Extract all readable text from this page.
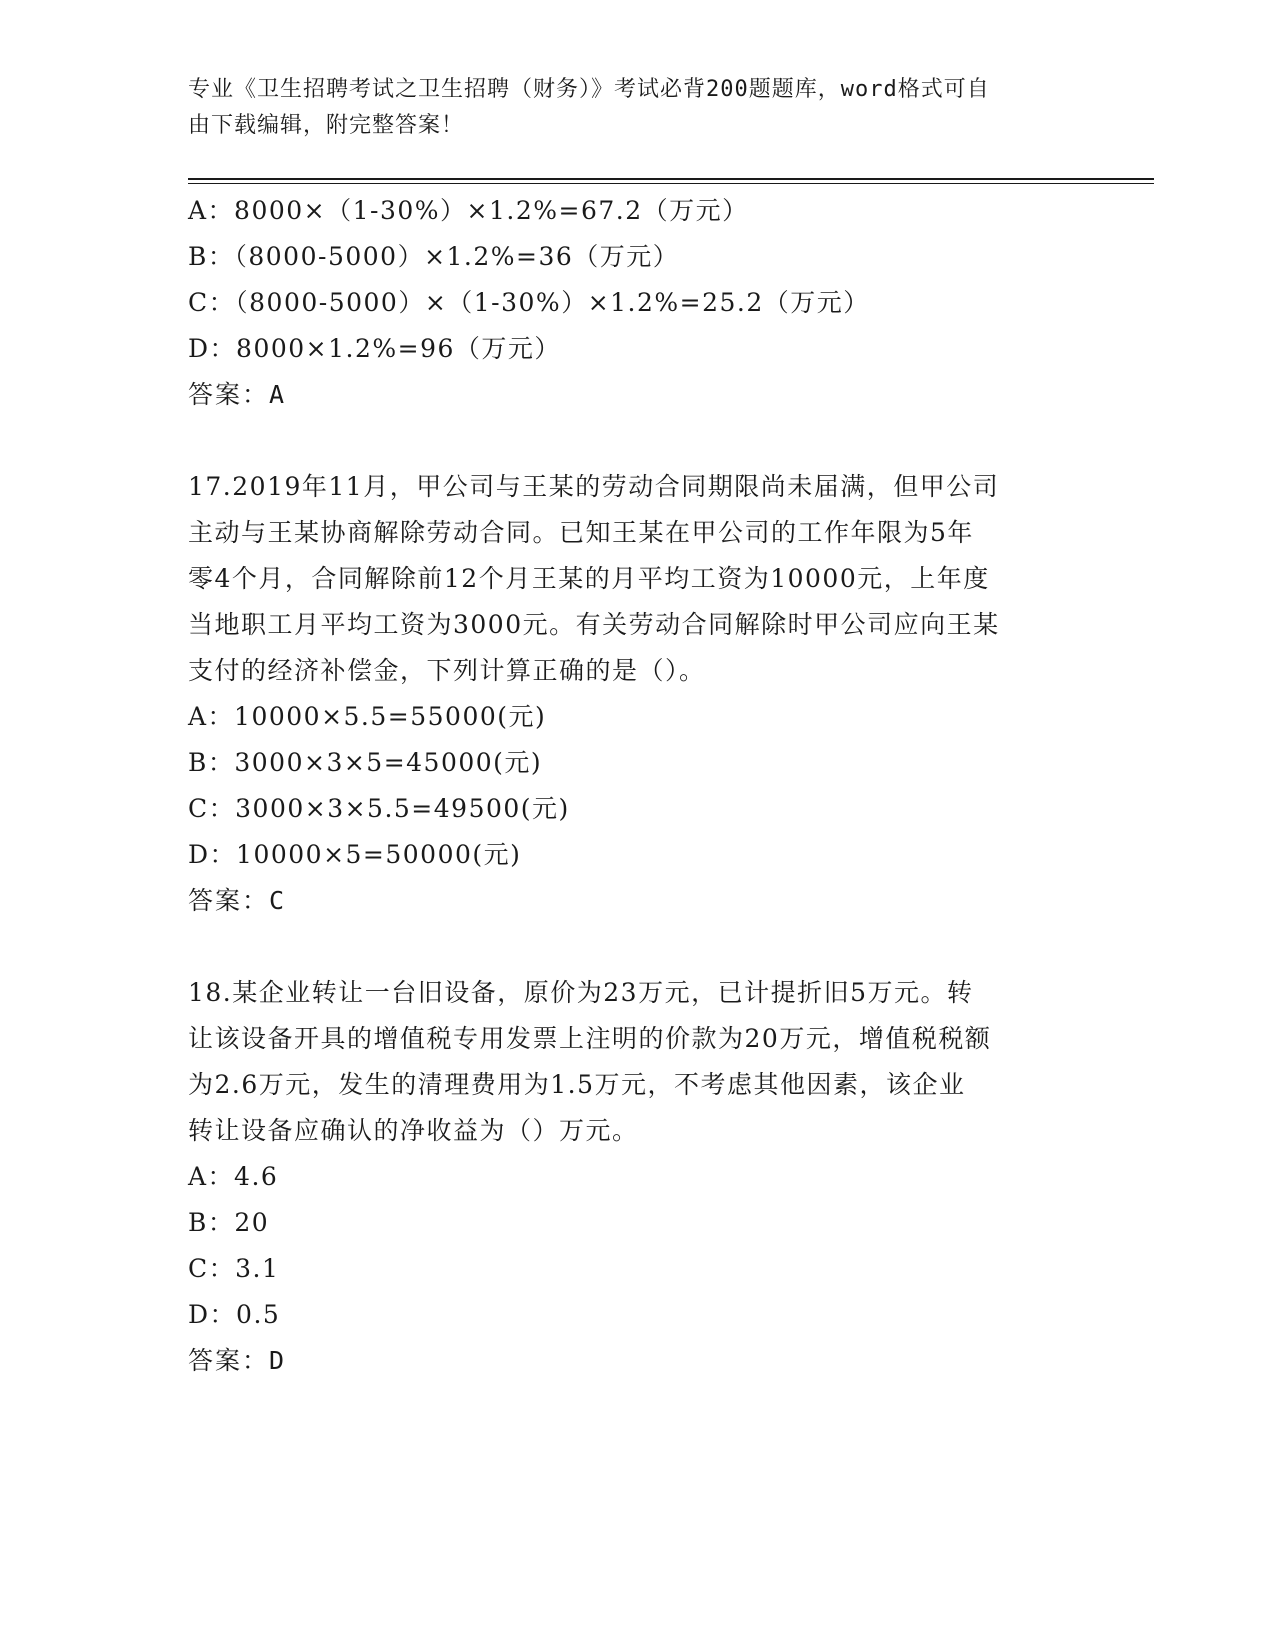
专业《卫生招聘考试之卫生招聘（财务）》考试必背200题题库，word格式可自
由下载编辑，附完整答案！
A：8000×（1-30%）×1.2%=67.2（万元）
B：（8000-5000）×1.2%=36（万元）
C：（8000-5000）×（1-30%）×1.2%=25.2（万元）
D：8000×1.2%=96（万元）
答案：A
17.2019年11月，甲公司与王某的劳动合同期限尚未届满，但甲公司
主动与王某协商解除劳动合同。已知王某在甲公司的工作年限为5年
零4个月，合同解除前12个月王某的月平均工资为10000元，上年度
当地职工月平均工资为3000元。有关劳动合同解除时甲公司应向王某
支付的经济补偿金，下列计算正确的是（）。
A：10000×5.5=55000(元)
B：3000×3×5=45000(元)
C：3000×3×5.5=49500(元)
D：10000×5=50000(元)
答案：C
18.某企业转让一台旧设备，原价为23万元，已计提折旧5万元。转
让该设备开具的增值税专用发票上注明的价款为20万元，增值税税额
为2.6万元，发生的清理费用为1.5万元，不考虑其他因素，该企业
转让设备应确认的净收益为（）万元。
A：4.6
B：20
C：3.1
D：0.5
答案：D
